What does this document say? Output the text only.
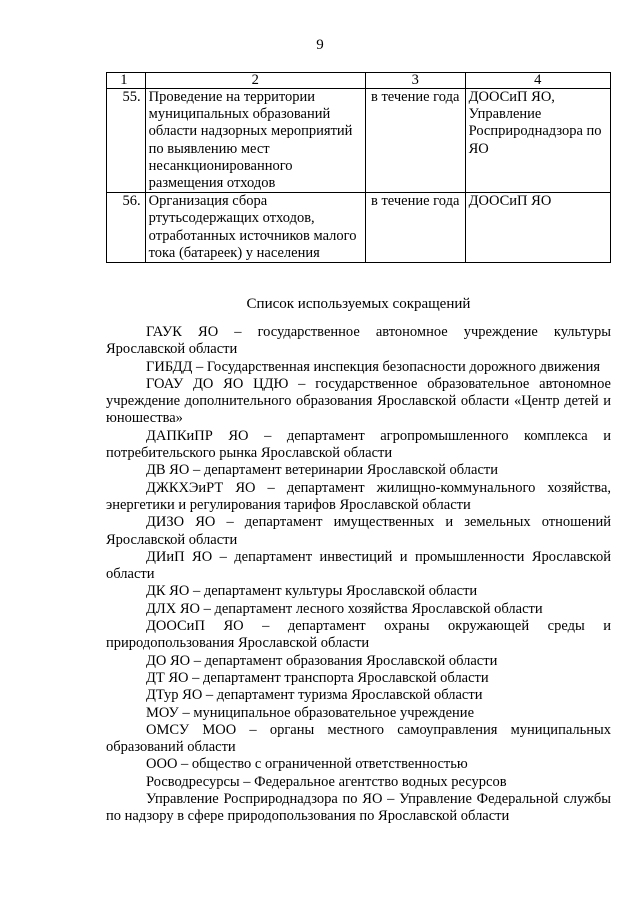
9
1	2	3	4
55.	Проведение на территории муниципальных образований области надзорных мероприятий по выявлению мест несанкционированного размещения отходов	в течение года	ДООСиП ЯО, Управление Росприроднадзора по ЯО
56.	Организация сбора ртутьсодержащих отходов, отработанных источников малого тока (батареек) у населения	в течение года	ДООСиП ЯО
Список используемых сокращений

ГАУК ЯО – государственное автономное учреждение культуры Ярославской области

ГИБДД – Государственная инспекция безопасности дорожного движения

ГОАУ ДО ЯО ЦДЮ – государственное образовательное автономное учреждение дополнительного образования Ярославской области «Центр детей и юношества»

ДАПКиПР ЯО – департамент агропромышленного комплекса и потребительского рынка Ярославской области

ДВ ЯО – департамент ветеринарии Ярославской области

ДЖКХЭиРТ ЯО – департамент жилищно-коммунального хозяйства, энергетики и регулирования тарифов Ярославской области

ДИЗО ЯО – департамент имущественных и земельных отношений Ярославской области

ДИиП ЯО – департамент инвестиций и промышленности Ярославской области

ДК ЯО – департамент культуры Ярославской области

ДЛХ ЯО – департамент лесного хозяйства Ярославской области

ДООСиП ЯО – департамент охраны окружающей среды и природопользования Ярославской области

ДО ЯО – департамент образования Ярославской области

ДТ ЯО – департамент транспорта Ярославской области

ДТур ЯО – департамент туризма Ярославской области

МОУ – муниципальное образовательное учреждение

ОМСУ МОО – органы местного самоуправления муниципальных образований области

ООО – общество с ограниченной ответственностью

Росводресурсы – Федеральное агентство водных ресурсов

Управление Росприроднадзора по ЯО – Управление Федеральной службы по надзору в сфере природопользования по Ярославской области
